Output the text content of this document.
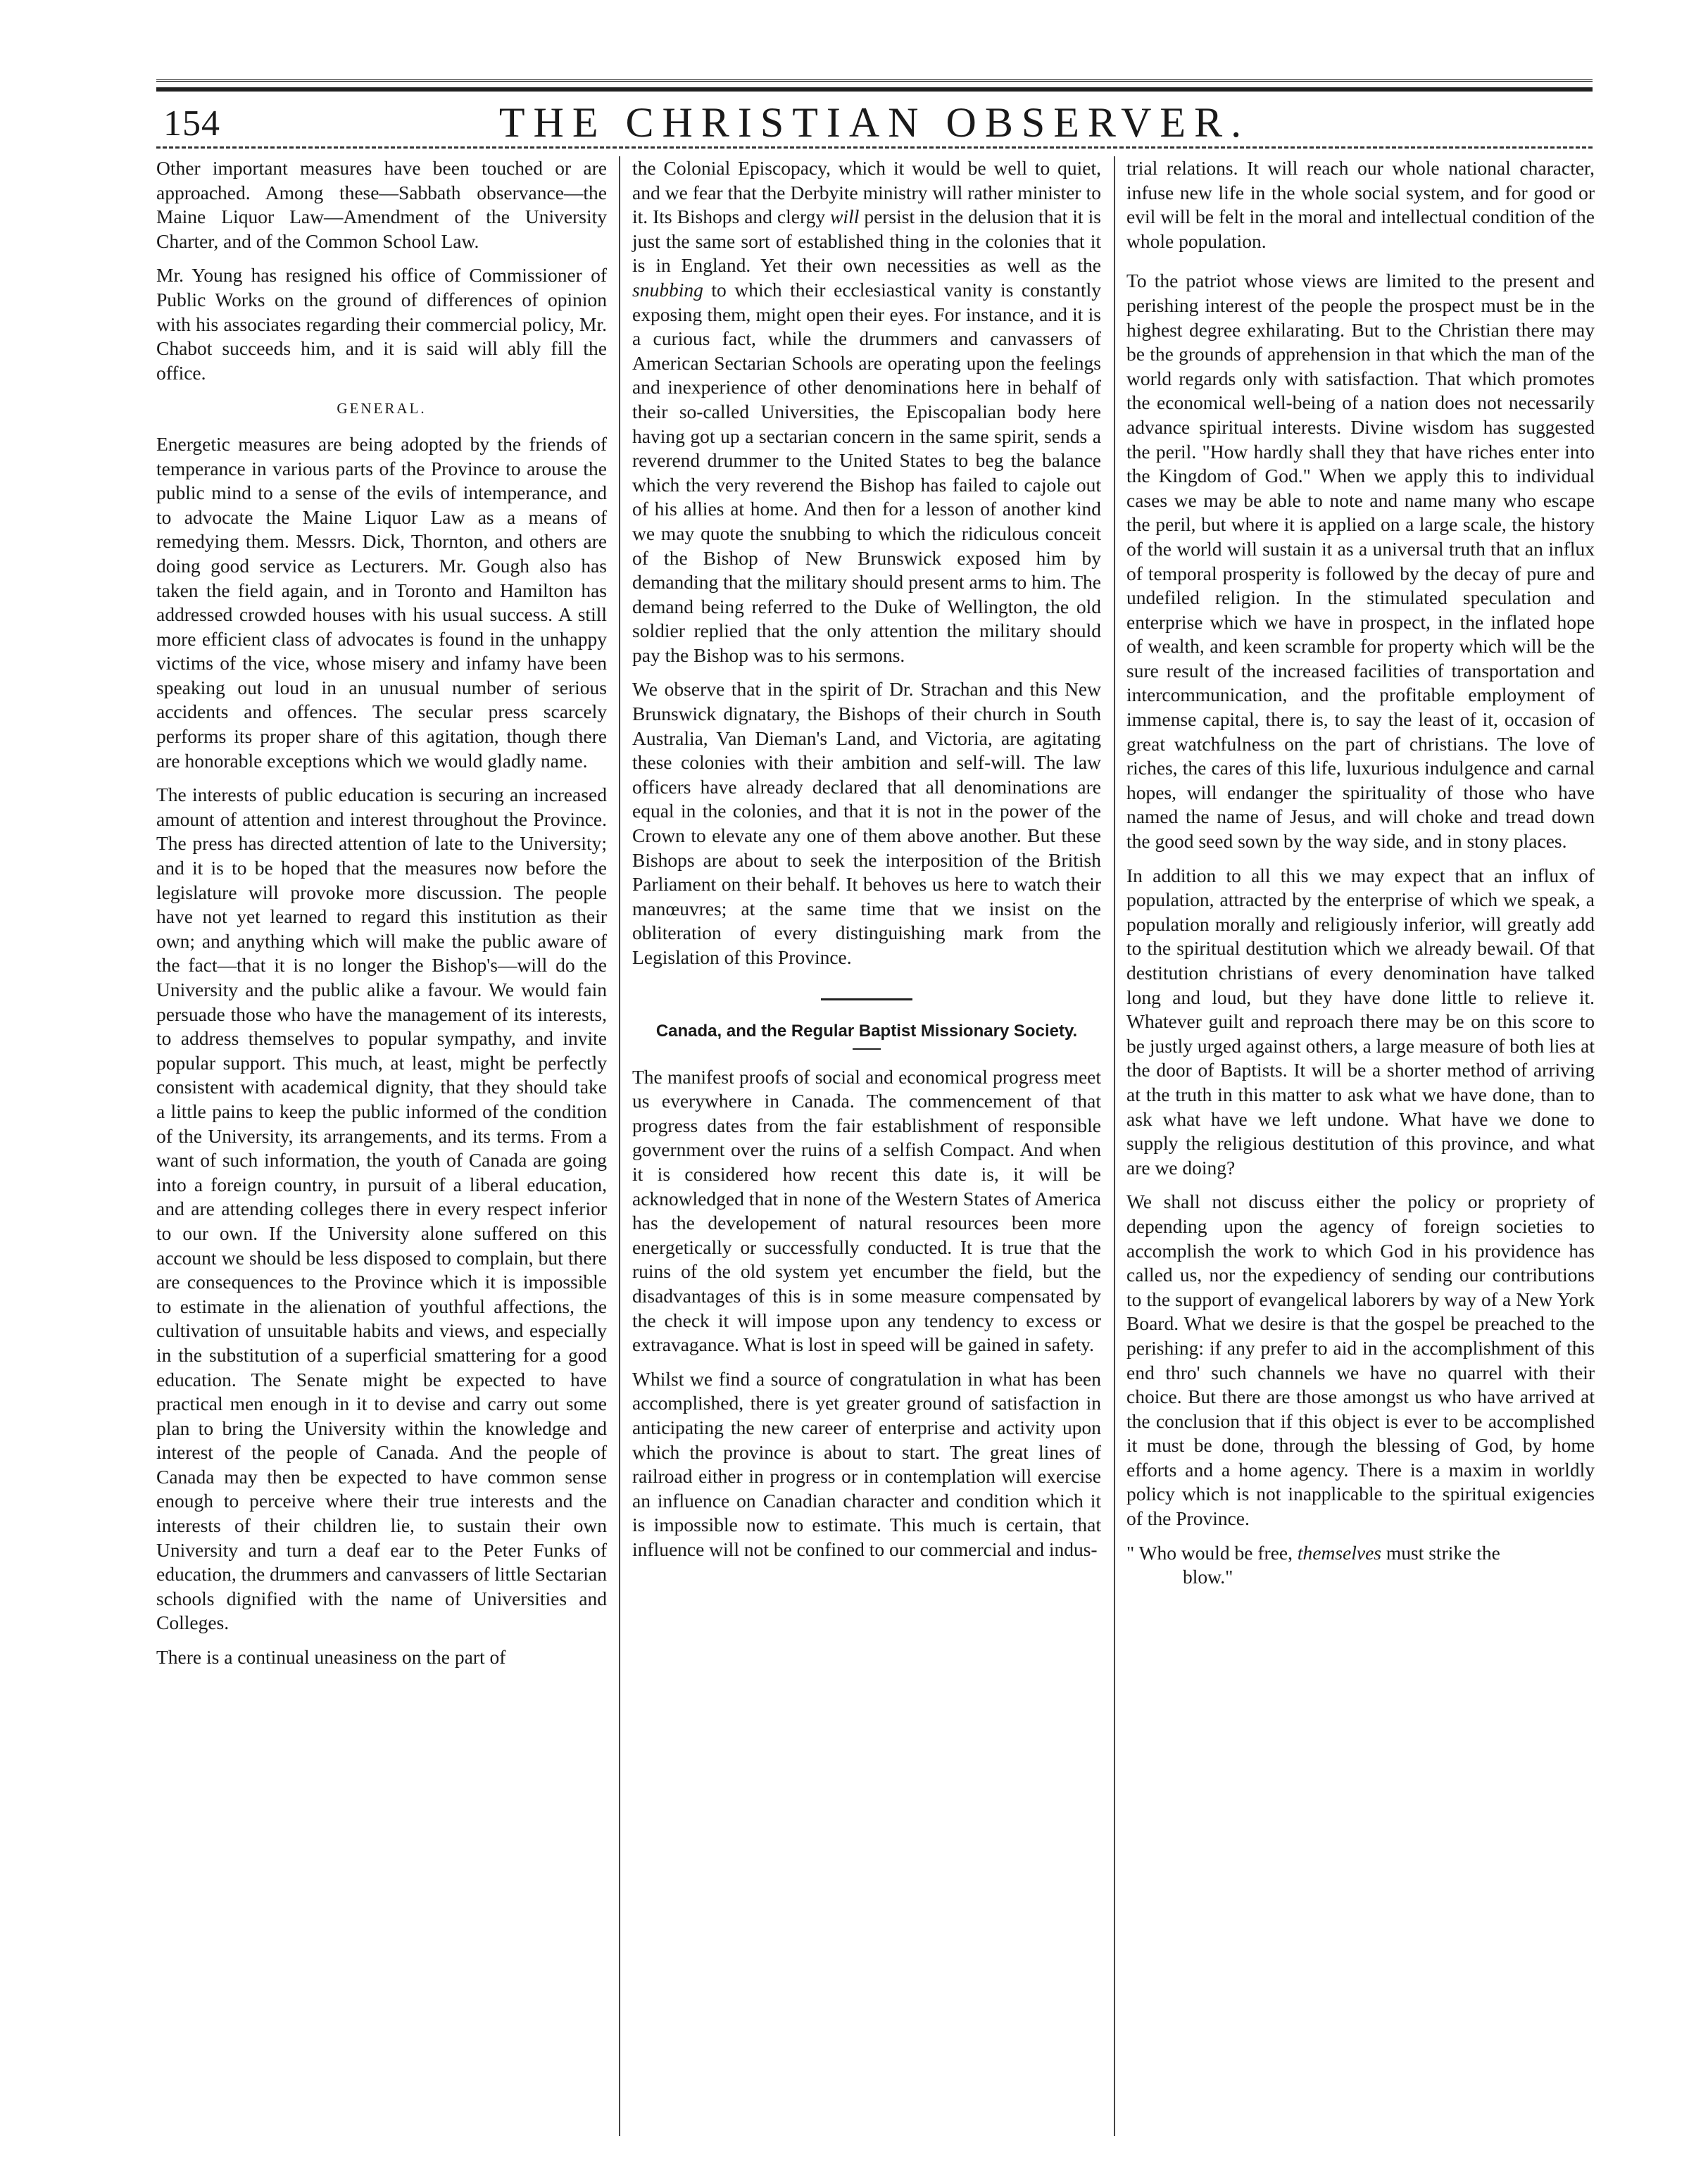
154	THE CHRISTIAN OBSERVER.

Other important measures have been touched or are approached. Among these—Sabbath observance—the Maine Liquor Law—Amendment of the University Charter, and of the Common School Law.

Mr. Young has resigned his office of Commissioner of Public Works on the ground of differences of opinion with his associates regarding their commercial policy, Mr. Chabot succeeds him, and it is said will ably fill the office.

GENERAL.

Energetic measures are being adopted by the friends of temperance in various parts of the Province to arouse the public mind to a sense of the evils of intemperance, and to advocate the Maine Liquor Law as a means of remedying them. Messrs. Dick, Thornton, and others are doing good service as Lecturers. Mr. Gough also has taken the field again, and in Toronto and Hamilton has addressed crowded houses with his usual success. A still more efficient class of advocates is found in the unhappy victims of the vice, whose misery and infamy have been speaking out loud in an unusual number of serious accidents and offences. The secular press scarcely performs its proper share of this agitation, though there are honorable exceptions which we would gladly name.

The interests of public education is securing an increased amount of attention and interest throughout the Province. The press has directed attention of late to the University; and it is to be hoped that the measures now before the legislature will provoke more discussion. The people have not yet learned to regard this institution as their own; and anything which will make the public aware of the fact—that it is no longer the Bishop's—will do the University and the public alike a favour. We would fain persuade those who have the management of its interests, to address themselves to popular sympathy, and invite popular support. This much, at least, might be perfectly consistent with academical dignity, that they should take a little pains to keep the public informed of the condition of the University, its arrangements, and its terms. From a want of such information, the youth of Canada are going into a foreign country, in pursuit of a liberal education, and are attending colleges there in every respect inferior to our own. If the University alone suffered on this account we should be less disposed to complain, but there are consequences to the Province which it is impossible to estimate in the alienation of youthful affections, the cultivation of unsuitable habits and views, and especially in the substitution of a superficial smattering for a good education. The Senate might be expected to have practical men enough in it to devise and carry out some plan to bring the University within the knowledge and interest of the people of Canada. And the people of Canada may then be expected to have common sense enough to perceive where their true interests and the interests of their children lie, to sustain their own University and turn a deaf ear to the Peter Funks of education, the drummers and canvassers of little Sectarian schools dignified with the name of Universities and Colleges.

There is a continual uneasiness on the part of

the Colonial Episcopacy, which it would be well to quiet, and we fear that the Derbyite ministry will rather minister to it. Its Bishops and clergy will persist in the delusion that it is just the same sort of established thing in the colonies that it is in England. Yet their own necessities as well as the snubbing to which their ecclesiastical vanity is constantly exposing them, might open their eyes. For instance, and it is a curious fact, while the drummers and canvassers of American Sectarian Schools are operating upon the feelings and inexperience of other denominations here in behalf of their so-called Universities, the Episcopalian body here having got up a sectarian concern in the same spirit, sends a reverend drummer to the United States to beg the balance which the very reverend the Bishop has failed to cajole out of his allies at home. And then for a lesson of another kind we may quote the snubbing to which the ridiculous conceit of the Bishop of New Brunswick exposed him by demanding that the military should present arms to him. The demand being referred to the Duke of Wellington, the old soldier replied that the only attention the military should pay the Bishop was to his sermons.

We observe that in the spirit of Dr. Strachan and this New Brunswick dignatary, the Bishops of their church in South Australia, Van Dieman's Land, and Victoria, are agitating these colonies with their ambition and self-will. The law officers have already declared that all denominations are equal in the colonies, and that it is not in the power of the Crown to elevate any one of them above another. But these Bishops are about to seek the interposition of the British Parliament on their behalf. It behoves us here to watch their manœuvres; at the same time that we insist on the obliteration of every distinguishing mark from the Legislation of this Province.

Canada, and the Regular Baptist Missionary Society.

The manifest proofs of social and economical progress meet us everywhere in Canada. The commencement of that progress dates from the fair establishment of responsible government over the ruins of a selfish Compact. And when it is considered how recent this date is, it will be acknowledged that in none of the Western States of America has the developement of natural resources been more energetically or successfully conducted. It is true that the ruins of the old system yet encumber the field, but the disadvantages of this is in some measure compensated by the check it will impose upon any tendency to excess or extravagance. What is lost in speed will be gained in safety.

Whilst we find a source of congratulation in what has been accomplished, there is yet greater ground of satisfaction in anticipating the new career of enterprise and activity upon which the province is about to start. The great lines of railroad either in progress or in contemplation will exercise an influence on Canadian character and condition which it is impossible now to estimate. This much is certain, that influence will not be confined to our commercial and indus-

trial relations. It will reach our whole national character, infuse new life in the whole social system, and for good or evil will be felt in the moral and intellectual condition of the whole population.

To the patriot whose views are limited to the present and perishing interest of the people the prospect must be in the highest degree exhilarating. But to the Christian there may be the grounds of apprehension in that which the man of the world regards only with satisfaction. That which promotes the economical well-being of a nation does not necessarily advance spiritual interests. Divine wisdom has suggested the peril. "How hardly shall they that have riches enter into the Kingdom of God." When we apply this to individual cases we may be able to note and name many who escape the peril, but where it is applied on a large scale, the history of the world will sustain it as a universal truth that an influx of temporal prosperity is followed by the decay of pure and undefiled religion. In the stimulated speculation and enterprise which we have in prospect, in the inflated hope of wealth, and keen scramble for property which will be the sure result of the increased facilities of transportation and intercommunication, and the profitable employment of immense capital, there is, to say the least of it, occasion of great watchfulness on the part of christians. The love of riches, the cares of this life, luxurious indulgence and carnal hopes, will endanger the spirituality of those who have named the name of Jesus, and will choke and tread down the good seed sown by the way side, and in stony places.

In addition to all this we may expect that an influx of population, attracted by the enterprise of which we speak, a population morally and religiously inferior, will greatly add to the spiritual destitution which we already bewail. Of that destitution christians of every denomination have talked long and loud, but they have done little to relieve it. Whatever guilt and reproach there may be on this score to be justly urged against others, a large measure of both lies at the door of Baptists. It will be a shorter method of arriving at the truth in this matter to ask what we have done, than to ask what have we left undone. What have we done to supply the religious destitution of this province, and what are we doing?

We shall not discuss either the policy or propriety of depending upon the agency of foreign societies to accomplish the work to which God in his providence has called us, nor the expediency of sending our contributions to the support of evangelical laborers by way of a New York Board. What we desire is that the gospel be preached to the perishing: if any prefer to aid in the accomplishment of this end thro' such channels we have no quarrel with their choice. But there are those amongst us who have arrived at the conclusion that if this object is ever to be accomplished it must be done, through the blessing of God, by home efforts and a home agency. There is a maxim in worldly policy which is not inapplicable to the spiritual exigencies of the Province.

" Who would be free, themselves must strike the
blow."
